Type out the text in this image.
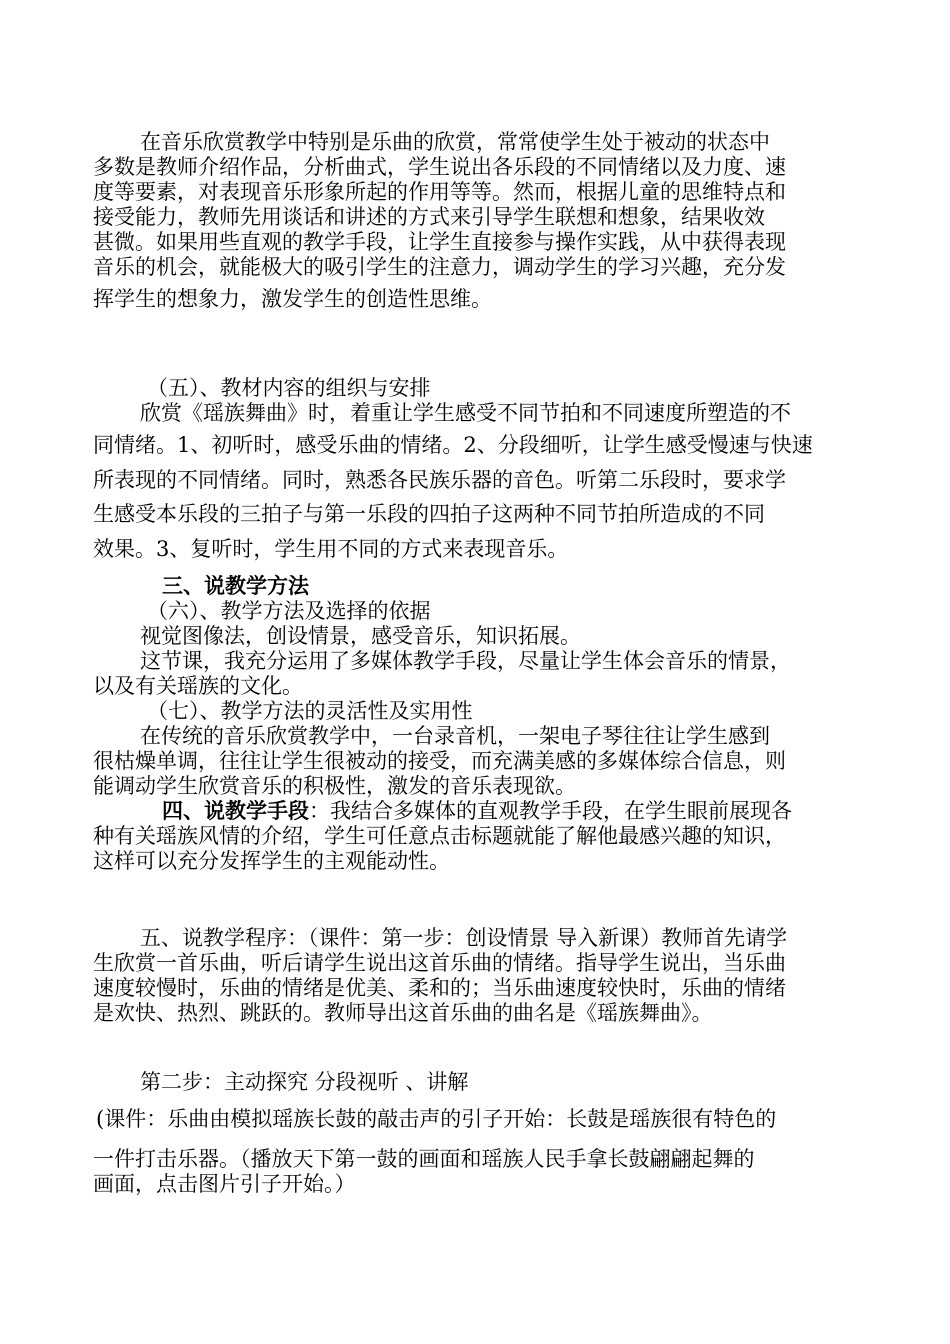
在音乐欣赏教学中特别是乐曲的欣赏，常常使学生处于被动的状态中
多数是教师介绍作品，分析曲式，学生说出各乐段的不同情绪以及力度、速
度等要素，对表现音乐形象所起的作用等等。然而，根据儿童的思维特点和
接受能力，教师先用谈话和讲述的方式来引导学生联想和想象，结果收效
甚微。如果用些直观的教学手段，让学生直接参与操作实践，从中获得表现
音乐的机会，就能极大的吸引学生的注意力，调动学生的学习兴趣，充分发
挥学生的想象力，激发学生的创造性思维。
（五）、教材内容的组织与安排
欣赏《瑶族舞曲》时，着重让学生感受不同节拍和不同速度所塑造的不
同情绪。1、初听时，感受乐曲的情绪。2、分段细听，让学生感受慢速与快速
所表现的不同情绪。同时，熟悉各民族乐器的音色。听第二乐段时，要求学
生感受本乐段的三拍子与第一乐段的四拍子这两种不同节拍所造成的不同
效果。3、复听时，学生用不同的方式来表现音乐。
三、说教学方法
（六）、教学方法及选择的依据
视觉图像法，创设情景，感受音乐，知识拓展。
这节课，我充分运用了多媒体教学手段，尽量让学生体会音乐的情景，
以及有关瑶族的文化。
（七）、教学方法的灵活性及实用性
在传统的音乐欣赏教学中，一台录音机，一架电子琴往往让学生感到
很枯燥单调，往往让学生很被动的接受，而充满美感的多媒体综合信息，则
能调动学生欣赏音乐的积极性，激发的音乐表现欲。
四、说教学手段：我结合多媒体的直观教学手段，在学生眼前展现各
种有关瑶族风情的介绍，学生可任意点击标题就能了解他最感兴趣的知识，
这样可以充分发挥学生的主观能动性。
五、说教学程序：（课件：第一步：创设情景 导入新课）教师首先请学
生欣赏一首乐曲，听后请学生说出这首乐曲的情绪。指导学生说出，当乐曲
速度较慢时，乐曲的情绪是优美、柔和的；当乐曲速度较快时，乐曲的情绪
是欢快、热烈、跳跃的。教师导出这首乐曲的曲名是《瑶族舞曲》。
第二步：主动探究 分段视听 、讲解
(课件：乐曲由模拟瑶族长鼓的敲击声的引子开始：长鼓是瑶族很有特色的
一件打击乐器。（播放天下第一鼓的画面和瑶族人民手拿长鼓翩翩起舞的
画面，点击图片引子开始。）
